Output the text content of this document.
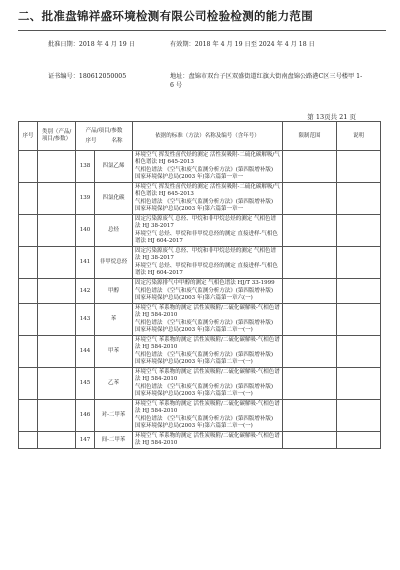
二、批准盘锦祥盛环境检测有限公司检验检测的能力范围
批准日期：2018 年 4 月 19 日	有效期：2018 年 4 月 19 日至 2024 年 4 月 18 日
证书编号：180612050005	地址：盘锦市双台子区双盛街道红旗大街南盘锦公路港C区三号楼甲 1-6 号
第 13页共 21 页
序号	类别（产品/项目/参数）	产品/项目/参数
序号 名称		依据的标准（方法）名称及编号（含年号）	限制范围	说明
		138	四氯乙烯	环境空气 挥发性卤代烃的测定 活性炭吸附-二硫化碳解吸/气相色谱法 HJ 645-2013
气相色谱法 《空气和废气监测分析方法》(第四版增补版) 国家环境保护总局(2003 年)第六篇第一章一		

		139	四氯化碳	环境空气 挥发性卤代烃的测定 活性炭吸附-二硫化碳解吸/气相色谱法 HJ 645-2013
气相色谱法 《空气和废气监测分析方法》(第四版增补版) 国家环境保护总局(2003 年)第六篇第一章一		

		140	总烃	固定污染源废气 总烃、甲烷和非甲烷总烃的测定 气相色谱法 HJ 38-2017
环境空气 总烃、甲烷和非甲烷总烃的测定 直接进样-气相色谱法 HJ 604-2017		

		141	非甲烷总烃	固定污染源废气 总烃、甲烷和非甲烷总烃的测定 气相色谱法 HJ 38-2017
环境空气 总烃、甲烷和非甲烷总烃的测定 直接进样-气相色谱法 HJ 604-2017		

		142	甲醇	固定污染源排气中甲醇的测定 气相色谱法 HJ/T 33-1999
气相色谱法 《空气和废气监测分析方法》(第四版增补版) 国家环境保护总局(2003 年)第六篇第一章六(一)		

		143	苯	环境空气 苯系物的测定 活性炭吸附/二硫化碳解吸-气相色谱法 HJ 584-2010
气相色谱法 《空气和废气监测分析方法》(第四版增补版) 国家环境保护总局(2003 年)第六篇第二章一(一)		

		144	甲苯	环境空气 苯系物的测定 活性炭吸附/二硫化碳解吸-气相色谱法 HJ 584-2010
气相色谱法 《空气和废气监测分析方法》(第四版增补版) 国家环境保护总局(2003 年)第六篇第二章一(一)		

		145	乙苯	环境空气 苯系物的测定 活性炭吸附/二硫化碳解吸-气相色谱法 HJ 584-2010
气相色谱法 《空气和废气监测分析方法》(第四版增补版) 国家环境保护总局(2003 年)第六篇第二章一(一)		

		146	对-二甲苯	环境空气 苯系物的测定 活性炭吸附/二硫化碳解吸-气相色谱法 HJ 584-2010
气相色谱法 《空气和废气监测分析方法》(第四版增补版) 国家环境保护总局(2003 年)第六篇第二章一(一)		

		147	间-二甲苯	环境空气 苯系物的测定 活性炭吸附/二硫化碳解吸-气相色谱法 HJ 584-2010		
